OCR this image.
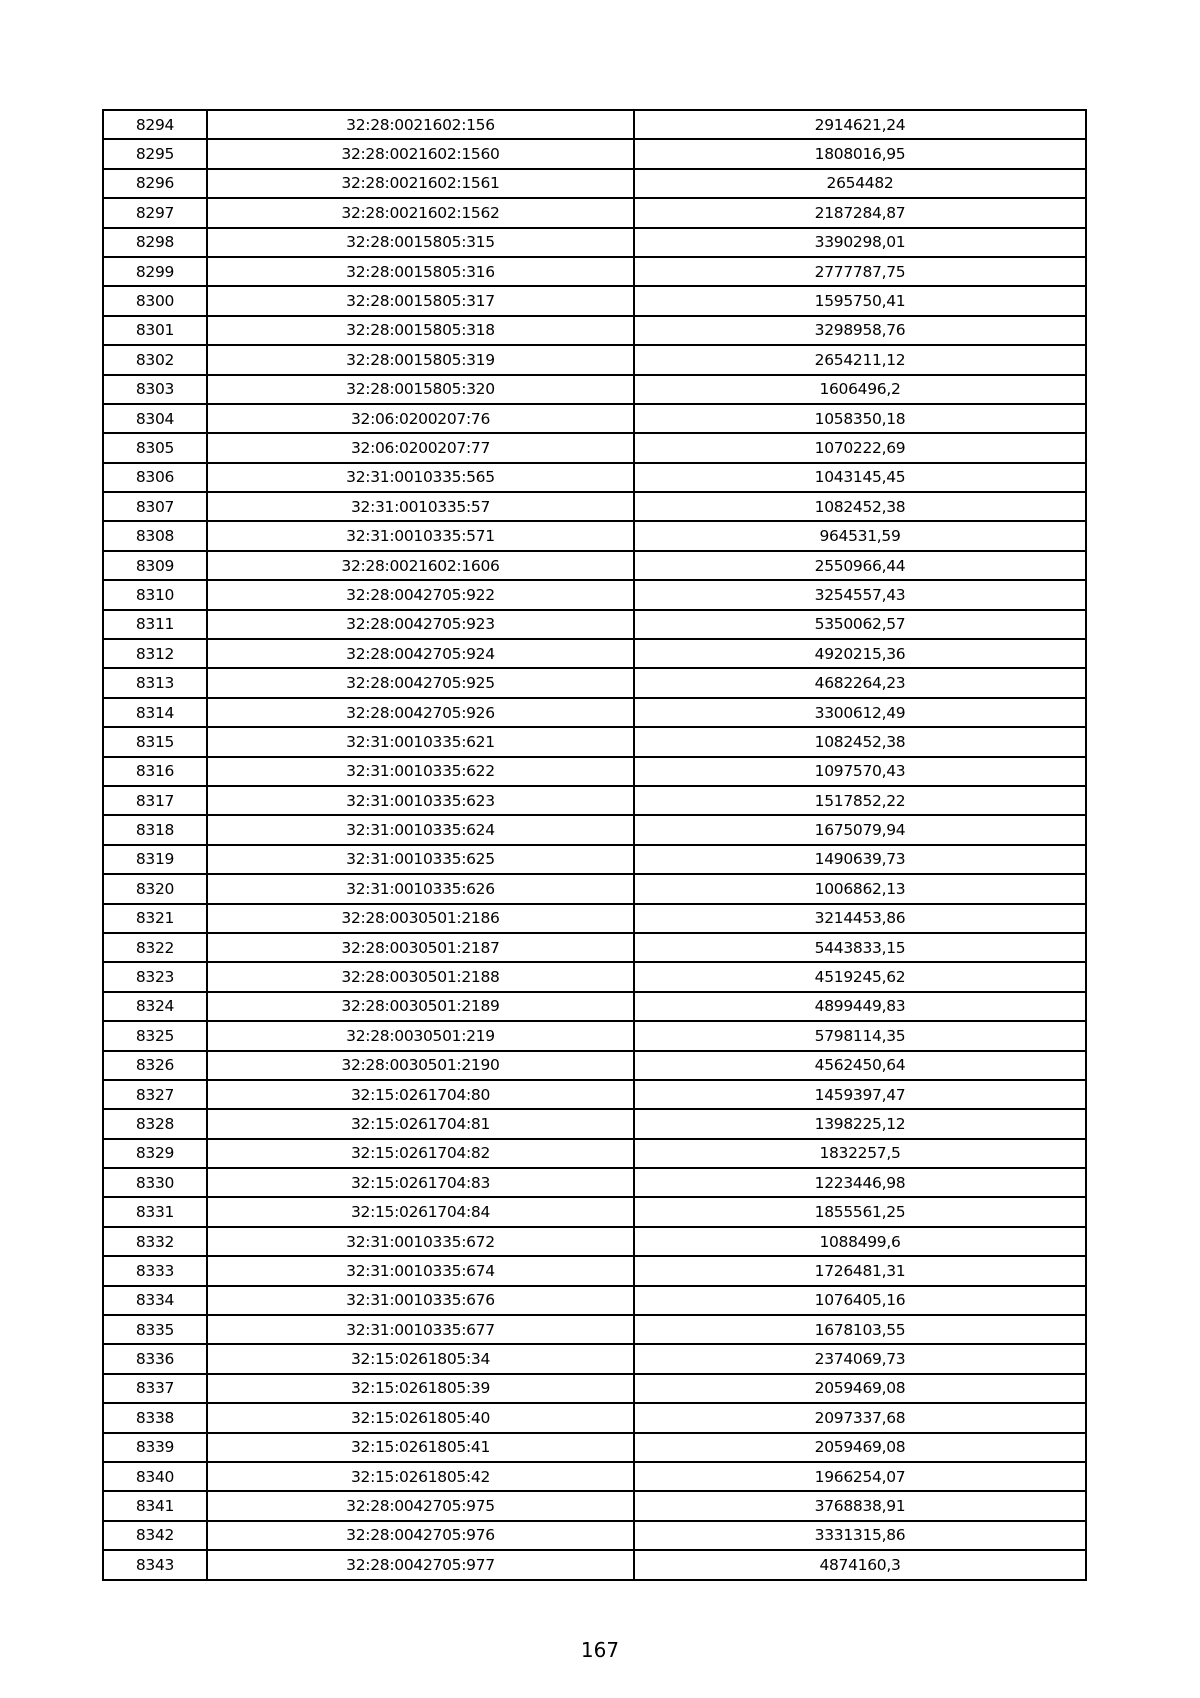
8294	32:28:0021602:156	2914621,24
8295	32:28:0021602:1560	1808016,95
8296	32:28:0021602:1561	2654482
8297	32:28:0021602:1562	2187284,87
8298	32:28:0015805:315	3390298,01
8299	32:28:0015805:316	2777787,75
8300	32:28:0015805:317	1595750,41
8301	32:28:0015805:318	3298958,76
8302	32:28:0015805:319	2654211,12
8303	32:28:0015805:320	1606496,2
8304	32:06:0200207:76	1058350,18
8305	32:06:0200207:77	1070222,69
8306	32:31:0010335:565	1043145,45
8307	32:31:0010335:57	1082452,38
8308	32:31:0010335:571	964531,59
8309	32:28:0021602:1606	2550966,44
8310	32:28:0042705:922	3254557,43
8311	32:28:0042705:923	5350062,57
8312	32:28:0042705:924	4920215,36
8313	32:28:0042705:925	4682264,23
8314	32:28:0042705:926	3300612,49
8315	32:31:0010335:621	1082452,38
8316	32:31:0010335:622	1097570,43
8317	32:31:0010335:623	1517852,22
8318	32:31:0010335:624	1675079,94
8319	32:31:0010335:625	1490639,73
8320	32:31:0010335:626	1006862,13
8321	32:28:0030501:2186	3214453,86
8322	32:28:0030501:2187	5443833,15
8323	32:28:0030501:2188	4519245,62
8324	32:28:0030501:2189	4899449,83
8325	32:28:0030501:219	5798114,35
8326	32:28:0030501:2190	4562450,64
8327	32:15:0261704:80	1459397,47
8328	32:15:0261704:81	1398225,12
8329	32:15:0261704:82	1832257,5
8330	32:15:0261704:83	1223446,98
8331	32:15:0261704:84	1855561,25
8332	32:31:0010335:672	1088499,6
8333	32:31:0010335:674	1726481,31
8334	32:31:0010335:676	1076405,16
8335	32:31:0010335:677	1678103,55
8336	32:15:0261805:34	2374069,73
8337	32:15:0261805:39	2059469,08
8338	32:15:0261805:40	2097337,68
8339	32:15:0261805:41	2059469,08
8340	32:15:0261805:42	1966254,07
8341	32:28:0042705:975	3768838,91
8342	32:28:0042705:976	3331315,86
8343	32:28:0042705:977	4874160,3
167
